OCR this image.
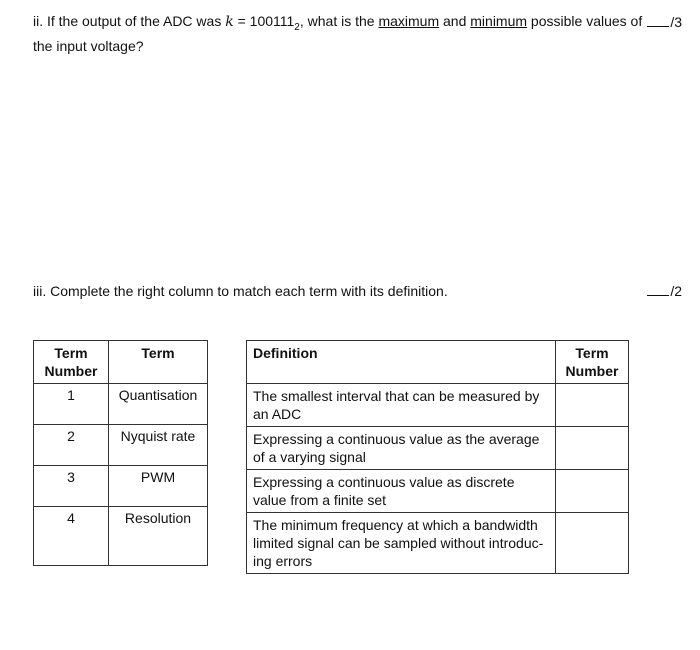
ii. If the output of the ADC was $k = 100111_2$, what is the maximum and minimum possible values of the input voltage?
/3
iii. Complete the right column to match each term with its definition.	/2
Term Number	Term
1	Quantisation
2	Nyquist rate
3	PWM
4	Resolution
Definition	Term Number
The smallest interval that can be measured by an ADC	
Expressing a continuous value as the average of a varying signal	
Expressing a continuous value as discrete value from a finite set	
The minimum frequency at which a bandwidth limited signal can be sampled without introduc- ing errors	
